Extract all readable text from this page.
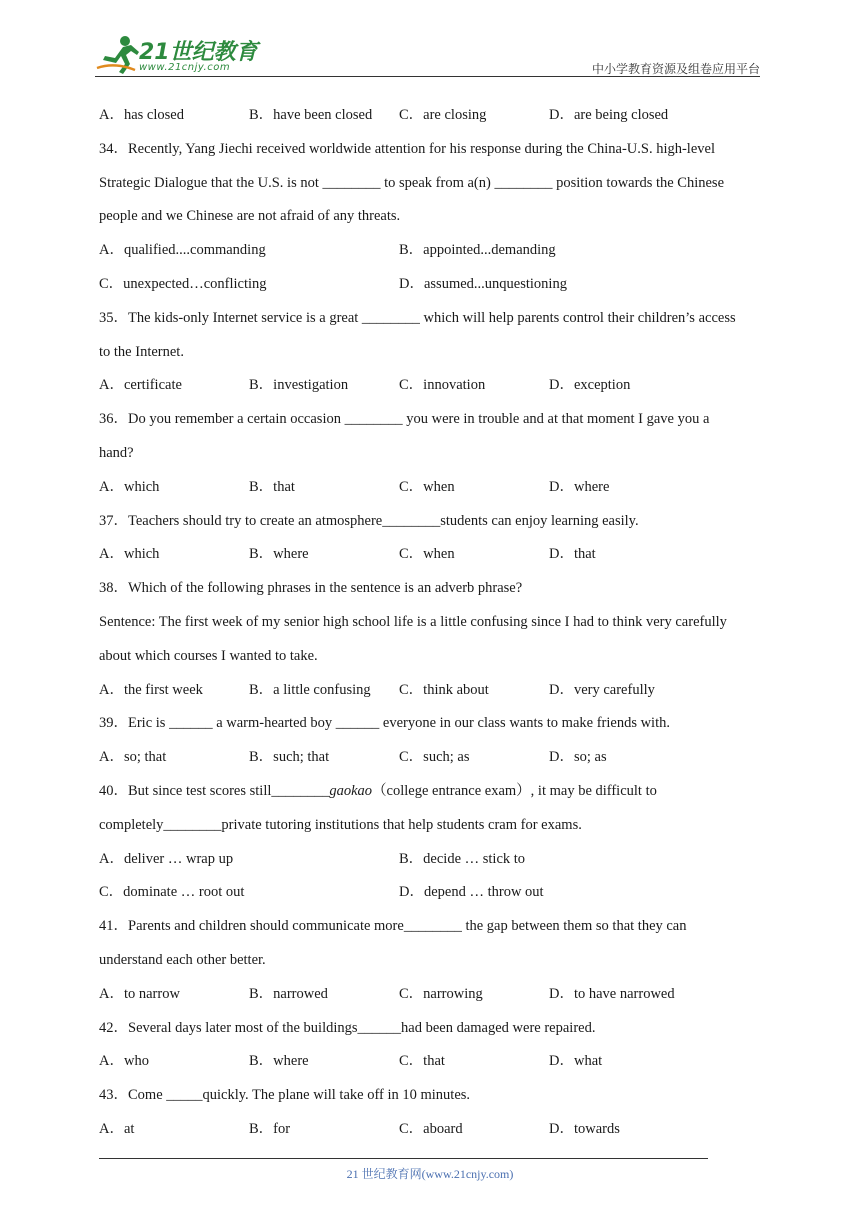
21世纪教育
www.21cnjy.com	中小学教育资源及组卷应用平台
A．has closed	B．have been closed C．are closing	D．are being closed
34．Recently, Yang Jiechi received worldwide attention for his response during the China-U.S. high-level
Strategic Dialogue that the U.S. is not ________ to speak from a(n) ________ position towards the Chinese
people and we Chinese are not afraid of any threats.
A．qualified....commanding	B．appointed...demanding
C．unexpected…conflicting	D．assumed...unquestioning
35．The kids-only Internet service is a great ________ which will help parents control their children’s access
to the Internet.
A．certificate	B．investigation	C．innovation	D．exception
36．Do you remember a certain occasion ________ you were in trouble and at that moment I gave you a
hand?
A．which	B．that	C．when	D．where
37．Teachers should try to create an atmosphere________students can enjoy learning easily.
A．which	B．where	C．when	D．that
38．Which of the following phrases in the sentence is an adverb phrase?
Sentence: The first week of my senior high school life is a little confusing since I had to think very carefully
about which courses I wanted to take.
A．the first week	B．a little confusing C．think about	D．very carefully
39．Eric is ______ a warm-hearted boy ______ everyone in our class wants to make friends with.
A．so; that	B．such; that	C．such; as	D．so; as
40．But since test scores still________gaokao（college entrance exam）, it may be difficult to
completely________private tutoring institutions that help students cram for exams.
A．deliver … wrap up	B．decide … stick to
C．dominate … root out	D．depend … throw out
41．Parents and children should communicate more________ the gap between them so that they can
understand each other better.
A．to narrow	B．narrowed	C．narrowing	D．to have narrowed
42．Several days later most of the buildings______had been damaged were repaired.
A．who	B．where	C．that	D．what
43．Come _____quickly. The plane will take off in 10 minutes.
A．at	B．for	C．aboard	D．towards
21 世纪教育网(www.21cnjy.com)
